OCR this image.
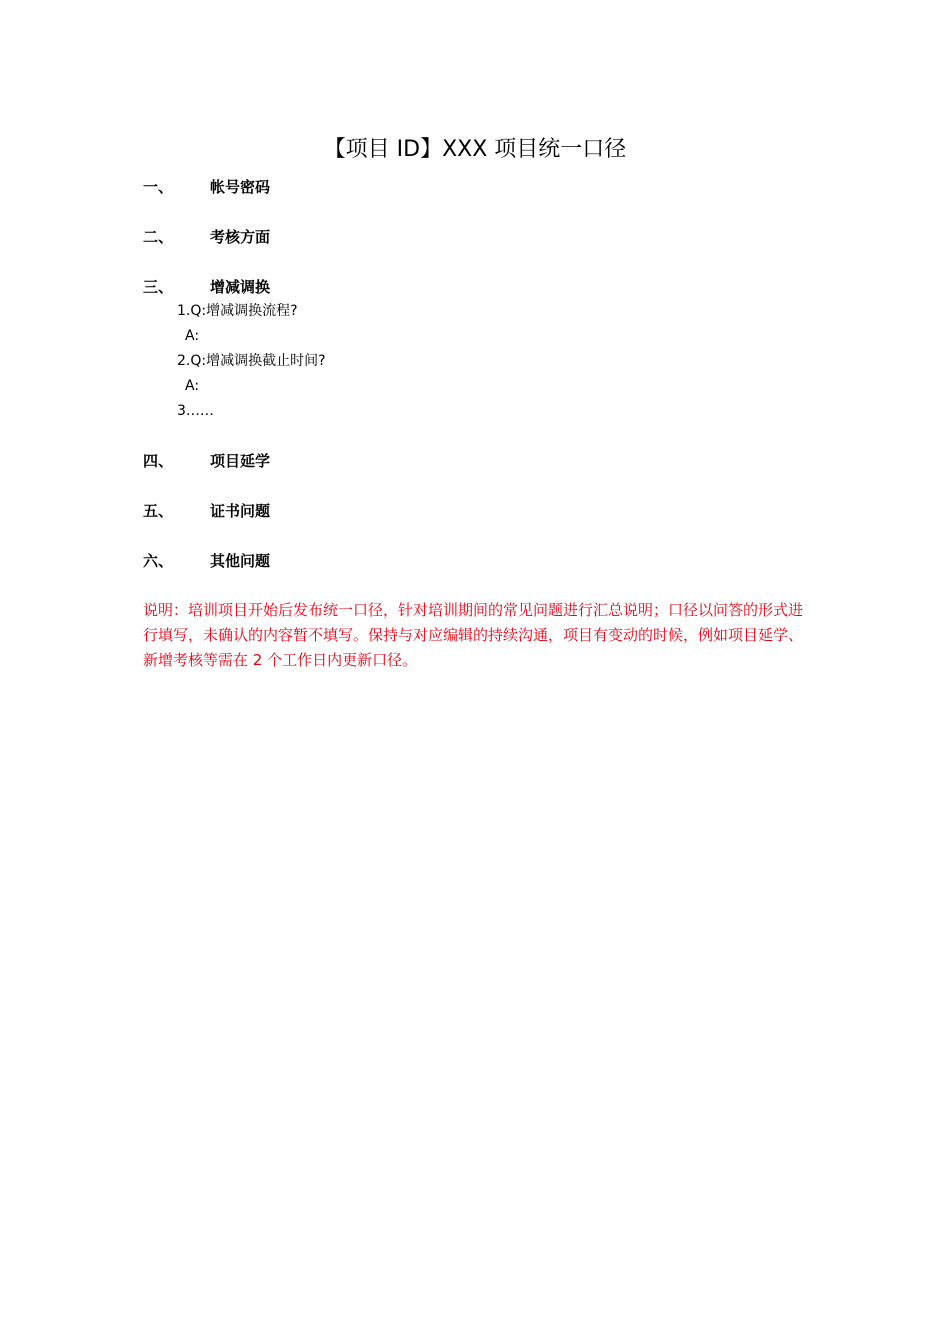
【项目 ID】XXX 项目统一口径
一、 帐号密码
二、 考核方面
三、 增减调换
1.Q:增减调换流程?
A:
2.Q:增减调换截止时间?
A:
3……
四、 项目延学
五、 证书问题
六、 其他问题
说明：培训项目开始后发布统一口径，针对培训期间的常见问题进行汇总说明；口径以问答的形式进行填写，未确认的内容暂不填写。保持与对应编辑的持续沟通，项目有变动的时候，例如项目延学、新增考核等需在 2 个工作日内更新口径。
